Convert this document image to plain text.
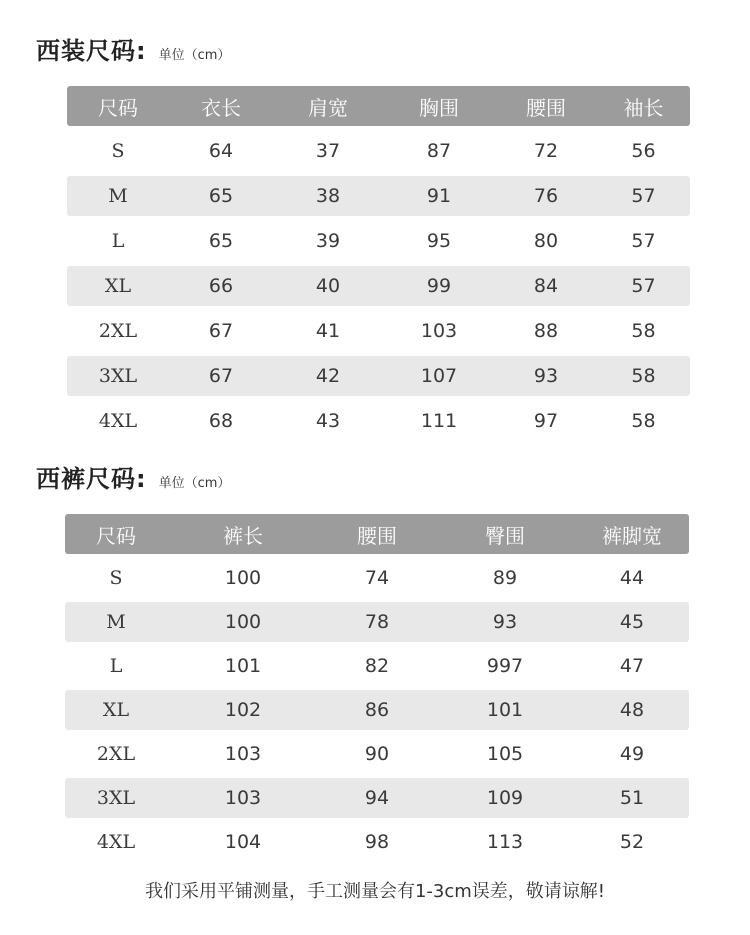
西装尺码: 单位（cm）
尺码	衣长	肩宽	胸围	腰围	袖长
S	64	37	87	72	56
M	65	38	91	76	57
L	65	39	95	80	57
XL	66	40	99	84	57
2XL	67	41	103	88	58
3XL	67	42	107	93	58
4XL	68	43	111	97	58
西裤尺码: 单位（cm）
尺码	裤长	腰围	臀围	裤脚宽
S	100	74	89	44
M	100	78	93	45
L	101	82	997	47
XL	102	86	101	48
2XL	103	90	105	49
3XL	103	94	109	51
4XL	104	98	113	52
我们采用平铺测量，手工测量会有1-3cm误差，敬请谅解!
